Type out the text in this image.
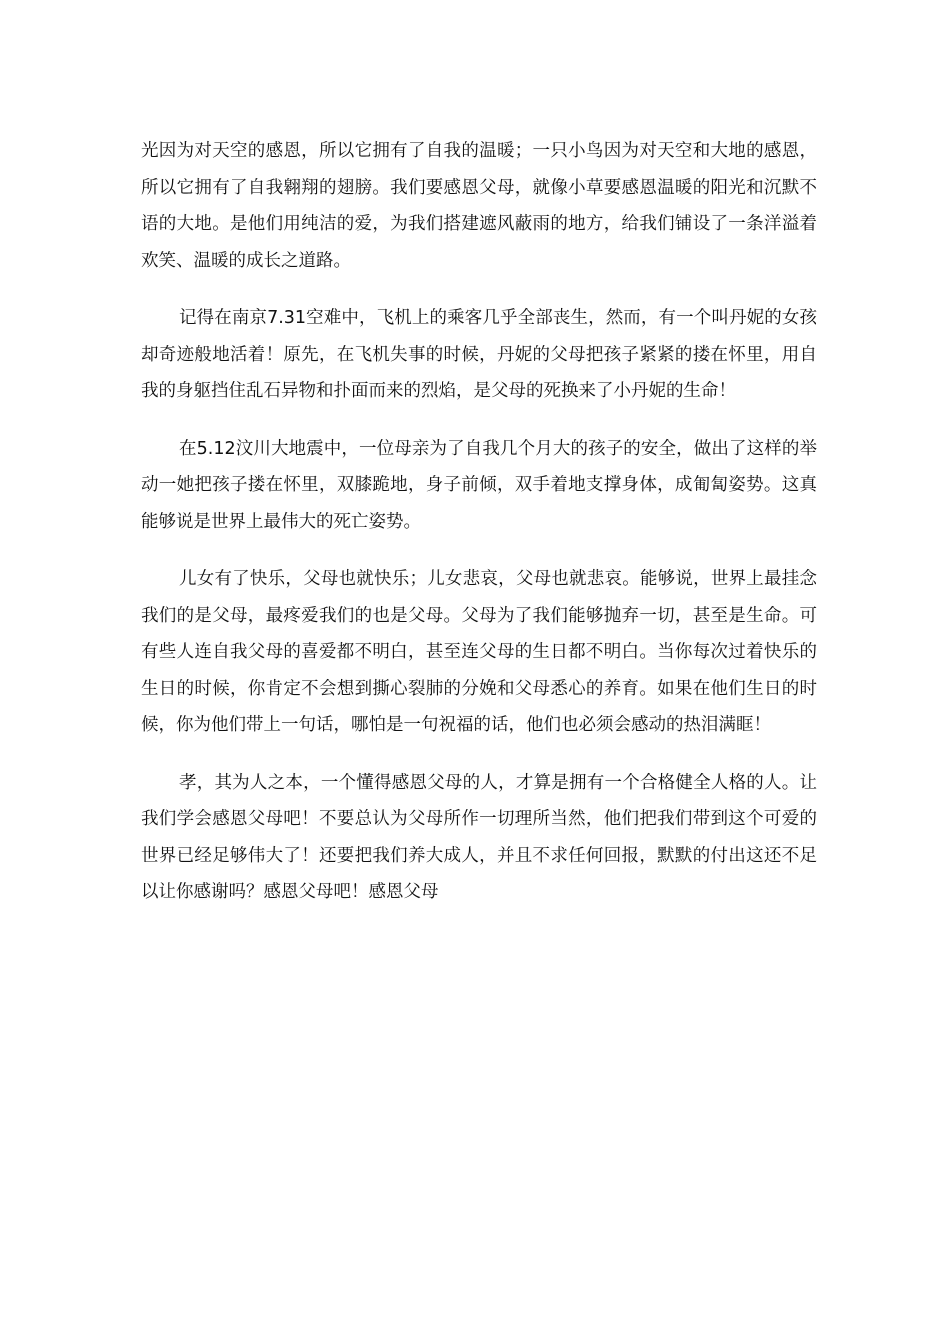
光因为对天空的感恩，所以它拥有了自我的温暖；一只小鸟因为对天空和大地的感恩，所以它拥有了自我翱翔的翅膀。我们要感恩父母，就像小草要感恩温暖的阳光和沉默不语的大地。是他们用纯洁的爱，为我们搭建遮风蔽雨的地方，给我们铺设了一条洋溢着欢笑、温暖的成长之道路。

记得在南京7.31空难中，飞机上的乘客几乎全部丧生，然而，有一个叫丹妮的女孩却奇迹般地活着！原先，在飞机失事的时候，丹妮的父母把孩子紧紧的搂在怀里，用自我的身躯挡住乱石异物和扑面而来的烈焰，是父母的死换来了小丹妮的生命！

在5.12汶川大地震中，一位母亲为了自我几个月大的孩子的安全，做出了这样的举动一她把孩子搂在怀里，双膝跪地，身子前倾，双手着地支撑身体，成匍匐姿势。这真能够说是世界上最伟大的死亡姿势。

儿女有了快乐，父母也就快乐；儿女悲哀，父母也就悲哀。能够说，世界上最挂念我们的是父母，最疼爱我们的也是父母。父母为了我们能够抛弃一切，甚至是生命。可有些人连自我父母的喜爱都不明白，甚至连父母的生日都不明白。当你每次过着快乐的生日的时候，你肯定不会想到撕心裂肺的分娩和父母悉心的养育。如果在他们生日的时候，你为他们带上一句话，哪怕是一句祝福的话，他们也必须会感动的热泪满眶！

孝，其为人之本，一个懂得感恩父母的人，才算是拥有一个合格健全人格的人。让我们学会感恩父母吧！不要总认为父母所作一切理所当然，他们把我们带到这个可爱的世界已经足够伟大了！还要把我们养大成人，并且不求任何回报，默默的付出这还不足以让你感谢吗？感恩父母吧！感恩父母
